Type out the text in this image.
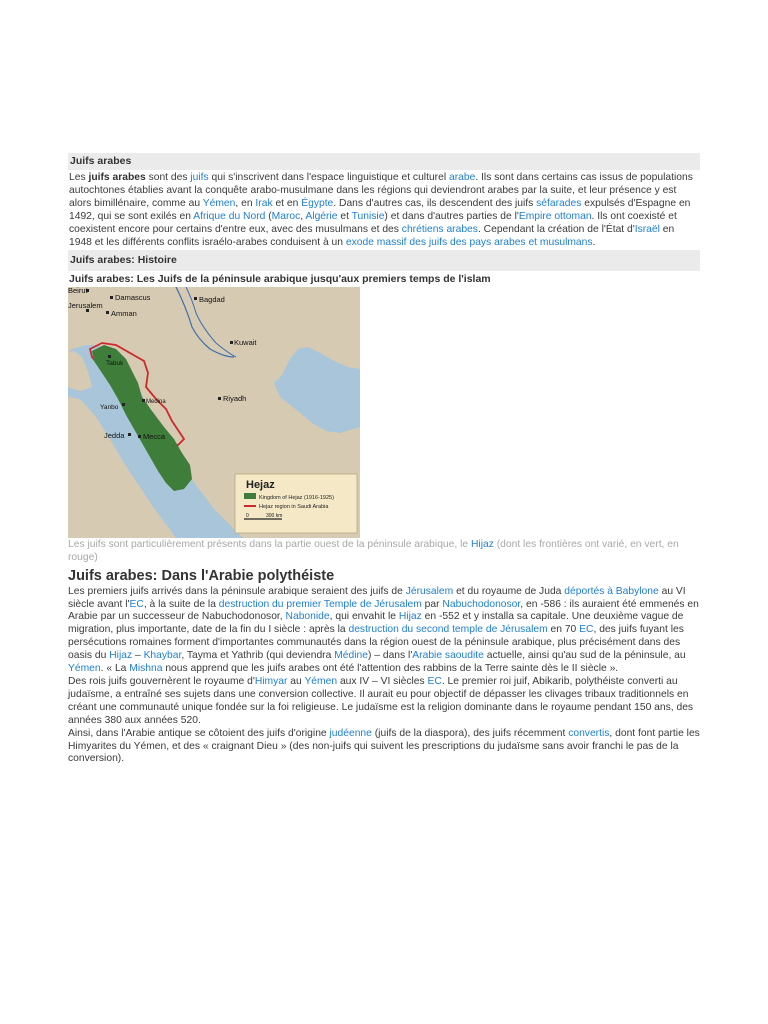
Juifs arabes

Les juifs arabes sont des juifs qui s'inscrivent dans l'espace linguistique et culturel arabe. Ils sont dans certains cas issus de populations autochtones établies avant la conquête arabo-musulmane dans les régions qui deviendront arabes par la suite, et leur présence y est alors bimillénaire, comme au Yémen, en Irak et en Égypte. Dans d'autres cas, ils descendent des juifs séfarades expulsés d'Espagne en 1492, qui se sont exilés en Afrique du Nord (Maroc, Algérie et Tunisie) et dans d'autres parties de l'Empire ottoman. Ils ont coexisté et coexistent encore pour certains d'entre eux, avec des musulmans et des chrétiens arabes. Cependant la création de l'État d'Israël en 1948 et les différents conflits israélo-arabes conduisent à un exode massif des juifs des pays arabes et musulmans.

Juifs arabes: Histoire
Juifs arabes: Les Juifs de la péninsule arabique jusqu'aux premiers temps de l'islam
Beirut
Damascus
Jerusalem
Amman
Bagdad
Kuwait
Tabuk
Yanbo
Medina	Riyadh
Jedda Mecca
Hejaz
Kingdom of Hejaz (1916-1925)
Hejaz region in Saudi Arabia
0	300 km

Les juifs sont particulièrement présents dans la partie ouest de la péninsule arabique, le Hijaz (dont les frontières ont varié, en vert, en rouge)

Juifs arabes: Dans l'Arabie polythéiste

Les premiers juifs arrivés dans la péninsule arabique seraient des juifs de Jérusalem et du royaume de Juda déportés à Babylone au VI siècle avant l'EC, à la suite de la destruction du premier Temple de Jérusalem par Nabuchodonosor, en -586 : ils auraient été emmenés en Arabie par un successeur de Nabuchodonosor, Nabonide, qui envahit le Hijaz en -552 et y installa sa capitale. Une deuxième vague de migration, plus importante, date de la fin du I siècle : après la destruction du second temple de Jérusalem en 70 EC, des juifs fuyant les persécutions romaines forment d'importantes communautés dans la région ouest de la péninsule arabique, plus précisément dans des oasis du Hijaz – Khaybar, Tayma et Yathrib (qui deviendra Médine) – dans l'Arabie saoudite actuelle, ainsi qu'au sud de la péninsule, au Yémen. « La Mishna nous apprend que les juifs arabes ont été l'attention des rabbins de la Terre sainte dès le II siècle ».

Des rois juifs gouvernèrent le royaume d'Himyar au Yémen aux IV – VI siècles EC. Le premier roi juif, Abikarib, polythéiste converti au judaïsme, a entraîné ses sujets dans une conversion collective. Il aurait eu pour objectif de dépasser les clivages tribaux traditionnels en créant une communauté unique fondée sur la foi religieuse. Le judaïsme est la religion dominante dans le royaume pendant 150 ans, des années 380 aux années 520.

Ainsi, dans l'Arabie antique se côtoient des juifs d'origine judéenne (juifs de la diaspora), des juifs récemment convertis, dont font partie les Himyarites du Yémen, et des « craignant Dieu » (des non-juifs qui suivent les prescriptions du judaïsme sans avoir franchi le pas de la conversion).
